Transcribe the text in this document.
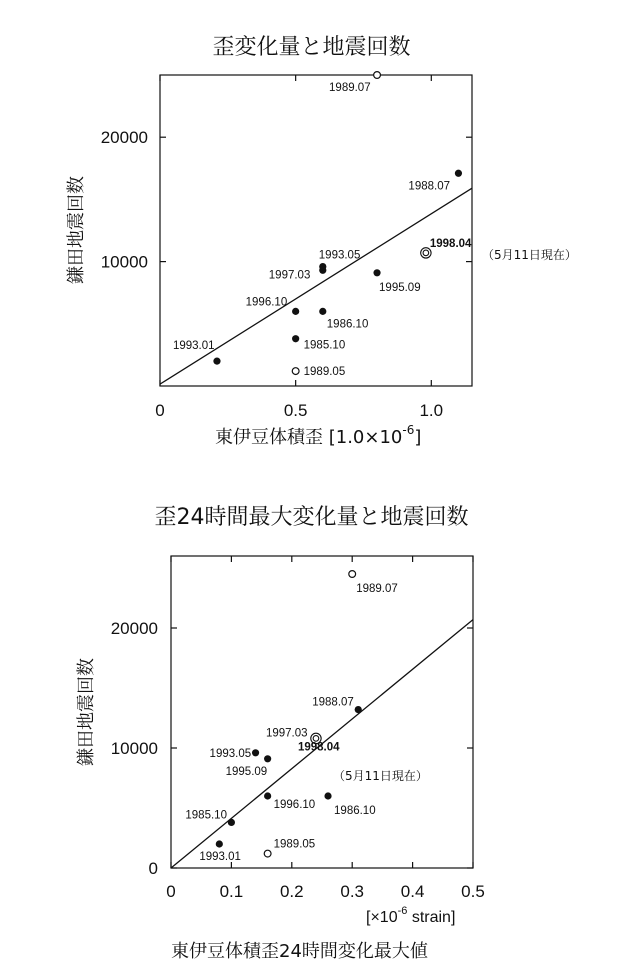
歪変化量と地震回数
歪24時間最大変化量と地震回数
10000
20000
0	0.5	1.0
1993.01	1985.10
1996.10
1986.10
1997.03
1993.05
1995.09
1988.07
1989.07
1989.05
1998.04
（5月11日現在）
東伊豆体積歪 $[1.0\times 10^{-6}]$
鎌田地震回数
0
10000
20000
0	0.1 0.2 0.3 0.4 0.5
1993.01
1985.10
1993.05
1995.09
1996.10 1986.10
1988.07
1989.07
1989.05
1997.03
1998.04
（5月11日現在）
[$\times 10^{-6}$ strain]
東伊豆体積歪24時間変化最大値
鎌田地震回数
